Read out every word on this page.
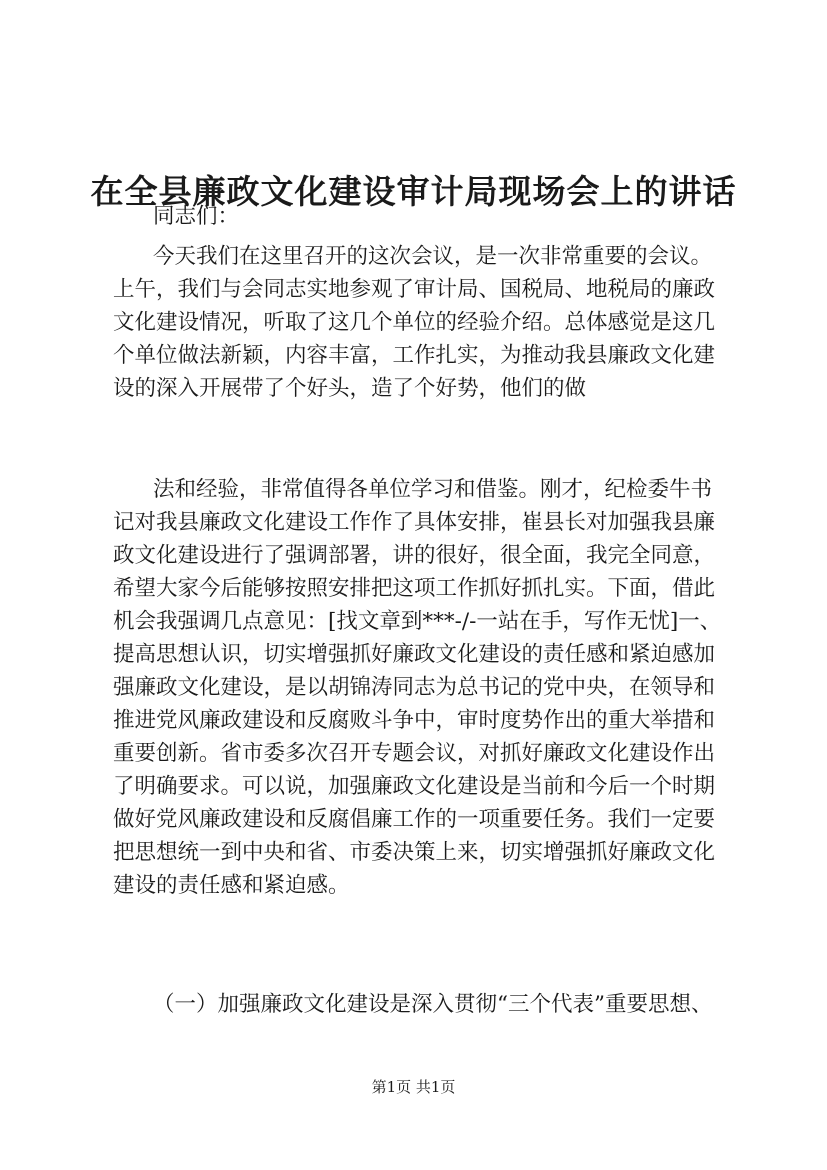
在全县廉政文化建设审计局现场会上的讲话
同志们：
今天我们在这里召开的这次会议，是一次非常重要的会议。
上午，我们与会同志实地参观了审计局、国税局、地税局的廉政
文化建设情况，听取了这几个单位的经验介绍。总体感觉是这几
个单位做法新颖，内容丰富，工作扎实，为推动我县廉政文化建
设的深入开展带了个好头，造了个好势，他们的做
法和经验，非常值得各单位学习和借鉴。刚才，纪检委牛书
记对我县廉政文化建设工作作了具体安排，崔县长对加强我县廉
政文化建设进行了强调部署，讲的很好，很全面，我完全同意，
希望大家今后能够按照安排把这项工作抓好抓扎实。下面，借此
机会我强调几点意见：[找文章到***-/-一站在手，写作无忧]一、
提高思想认识，切实增强抓好廉政文化建设的责任感和紧迫感加
强廉政文化建设，是以胡锦涛同志为总书记的党中央，在领导和
推进党风廉政建设和反腐败斗争中，审时度势作出的重大举措和
重要创新。省市委多次召开专题会议，对抓好廉政文化建设作出
了明确要求。可以说，加强廉政文化建设是当前和今后一个时期
做好党风廉政建设和反腐倡廉工作的一项重要任务。我们一定要
把思想统一到中央和省、市委决策上来，切实增强抓好廉政文化
建设的责任感和紧迫感。
（一）加强廉政文化建设是深入贯彻“三个代表”重要思想、
第1页 共1页
